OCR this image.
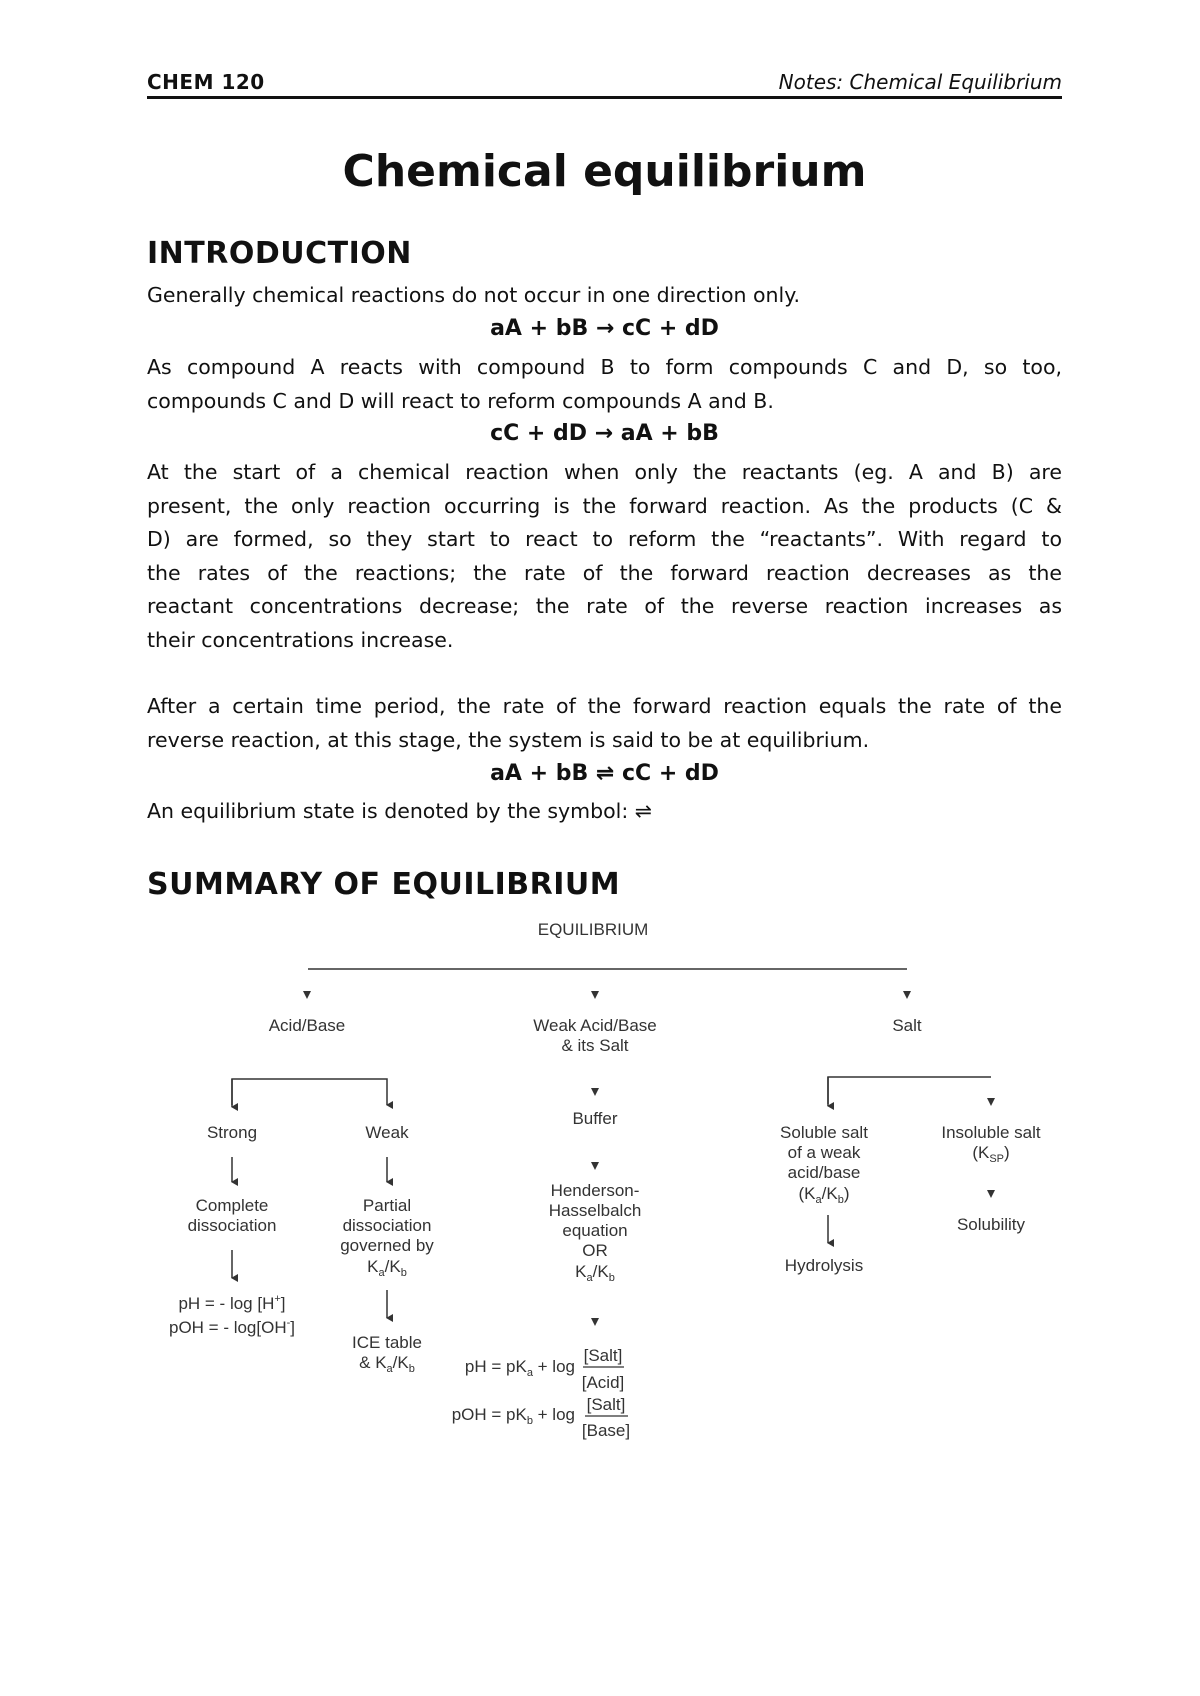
CHEM 120	Notes: Chemical Equilibrium
Chemical equilibrium
INTRODUCTION

Generally chemical reactions do not occur in one direction only.

aA + bB → cC + dD

As compound A reacts with compound B to form compounds C and D, so too,
compounds C and D will react to reform compounds A and B.

cC + dD → aA + bB

At the start of a chemical reaction when only the reactants (eg. A and B) are
present, the only reaction occurring is the forward reaction. As the products (C &
D) are formed, so they start to react to reform the “reactants”. With regard to
the rates of the reactions; the rate of the forward reaction decreases as the
reactant concentrations decrease; the rate of the reverse reaction increases as
their concentrations increase.
After a certain time period, the rate of the forward reaction equals the rate of the
reverse reaction, at this stage, the system is said to be at equilibrium.

aA + bB ⇌ cC + dD

An equilibrium state is denoted by the symbol: ⇌

SUMMARY OF EQUILIBRIUM
EQUILIBRIUM
Acid/Base	Weak Acid/Base
& its Salt
Salt
Strong	Weak
Complete
dissociation
Partial
dissociation
governed by
$K_a/K_b$
pH = - log [H+]
pOH = - log[OH-]
ICE table
& $K_a/K_b$
Buffer
Henderson-
Hasselbalch
equation
OR
$K_a/K_b$
pH = $pK_a + \log$
[Salt]
[Acid]
pOH = $pK_b + \log$
[Salt]
[Base]
Soluble salt
of a weak
acid/base
$(K_a/K_b)$
Insoluble salt
$(K_{SP})$
Hydrolysis
Solubility
